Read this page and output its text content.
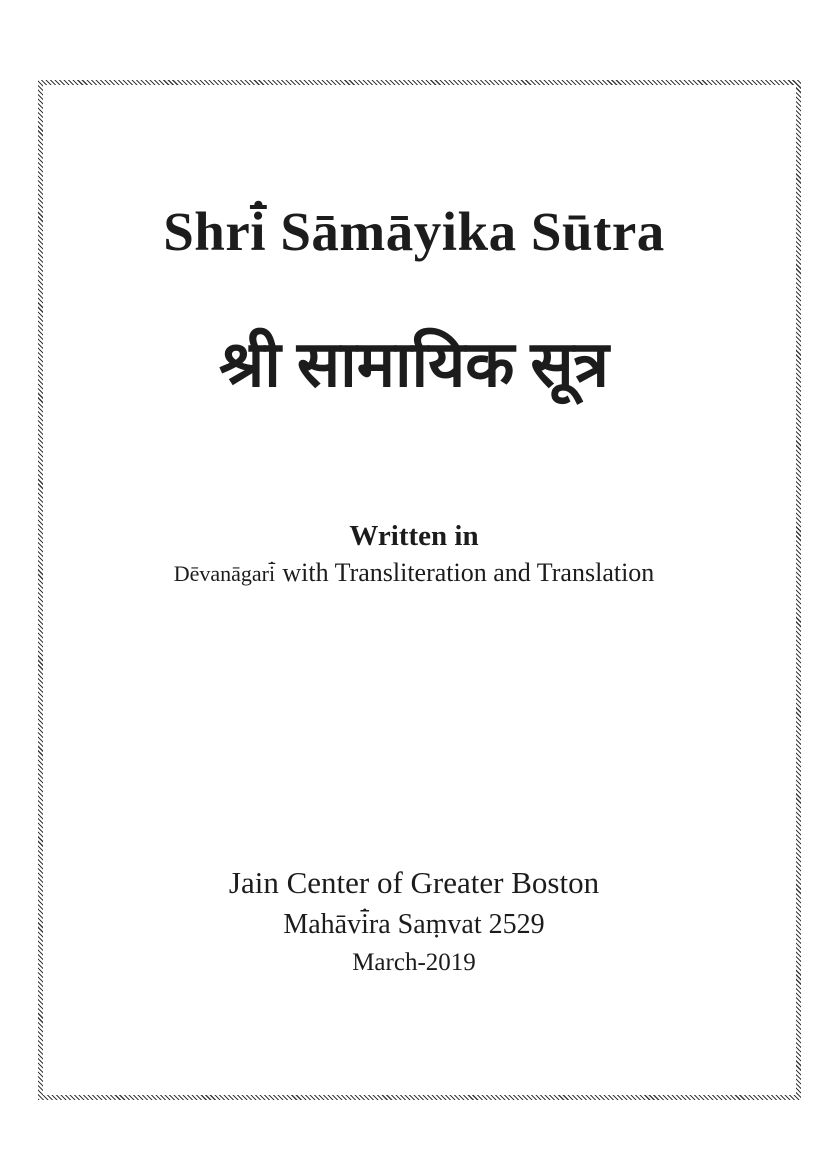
Shri̇̄ Sāmāyika Sūtra
श्री सामायिक सूत्र
Written in
Dēvanāgari̇̄ with Transliteration and Translation
Jain Center of Greater Boston
Mahāvi̇̄ra Saṃvat 2529
March-2019
